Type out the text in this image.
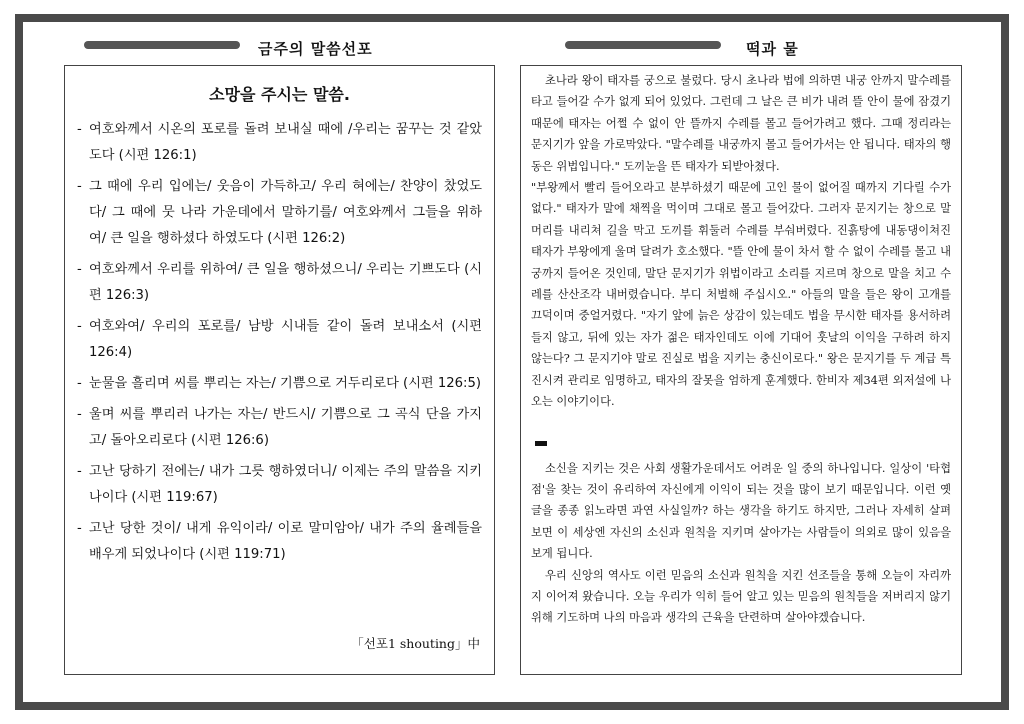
금주의 말씀선포	떡과 물
소망을 주시는 말씀.
- 여호와께서 시온의 포로를 돌려 보내실 때에 /우리는 꿈꾸는 것 같았도다 (시편 126:1)
- 그 때에 우리 입에는/ 웃음이 가득하고/ 우리 혀에는/ 찬양이 찼었도다/ 그 때에 뭇 나라 가운데에서 말하기를/ 여호와께서 그들을 위하여/ 큰 일을 행하셨다 하였도다 (시편 126:2)
- 여호와께서 우리를 위하여/ 큰 일을 행하셨으니/ 우리는 기쁘도다 (시편 126:3)
- 여호와여/ 우리의 포로를/ 남방 시내들 같이 돌려 보내소서 (시편 126:4)
- 눈물을 흘리며 씨를 뿌리는 자는/ 기쁨으로 거두리로다 (시편 126:5)
- 울며 씨를 뿌리러 나가는 자는/ 반드시/ 기쁨으로 그 곡식 단을 가지고/ 돌아오리로다 (시편 126:6)
- 고난 당하기 전에는/ 내가 그릇 행하였더니/ 이제는 주의 말씀을 지키나이다 (시편 119:67)
- 고난 당한 것이/ 내게 유익이라/ 이로 말미암아/ 내가 주의 율례들을 배우게 되었나이다 (시편 119:71)
「선포1 shouting」中

초나라 왕이 태자를 궁으로 불렀다. 당시 초나라 법에 의하면 내궁 안까지 말수레를 타고 들어갈 수가 없게 되어 있었다. 그런데 그 날은 큰 비가 내려 뜰 안이 물에 잠겼기 때문에 태자는 어쩔 수 없이 안 뜰까지 수레를 몰고 들어가려고 했다. 그때 정리라는 문지기가 앞을 가로막았다. "말수레를 내궁까지 몰고 들어가서는 안 됩니다. 태자의 행동은 위법입니다." 도끼눈을 뜬 태자가 되받아쳤다.

"부왕께서 빨리 들어오라고 분부하셨기 때문에 고인 물이 없어질 때까지 기다릴 수가 없다." 태자가 말에 채찍을 먹이며 그대로 몰고 들어갔다. 그러자 문지기는 창으로 말 머리를 내리쳐 길을 막고 도끼를 휘둘러 수레를 부숴버렸다. 진흙탕에 내동댕이쳐진 태자가 부왕에게 울며 달려가 호소했다. "뜰 안에 물이 차서 할 수 없이 수레를 몰고 내궁까지 들어온 것인데, 말단 문지기가 위법이라고 소리를 지르며 창으로 말을 치고 수레를 산산조각 내버렸습니다. 부디 처벌해 주십시오." 아들의 말을 들은 왕이 고개를 끄덕이며 중얼거렸다. "자기 앞에 늙은 상감이 있는데도 법을 무시한 태자를 용서하려 들지 않고, 뒤에 있는 자가 젊은 태자인데도 이에 기대어 훗날의 이익을 구하려 하지 않는다? 그 문지기야 말로 진실로 법을 지키는 충신이로다." 왕은 문지기를 두 계급 특진시켜 관리로 임명하고, 태자의 잘못을 엄하게 훈계했다. 한비자 제34편 외저설에 나오는 이야기이다.

소신을 지키는 것은 사회 생활가운데서도 어려운 일 중의 하나입니다. 일상이 '타협점'을 찾는 것이 유리하여 자신에게 이익이 되는 것을 많이 보기 때문입니다. 이런 옛 글을 종종 읽노라면 과연 사실일까? 하는 생각을 하기도 하지만, 그러나 자세히 살펴보면 이 세상엔 자신의 소신과 원칙을 지키며 살아가는 사람들이 의외로 많이 있음을 보게 됩니다.

우리 신앙의 역사도 이런 믿음의 소신과 원칙을 지킨 선조들을 통해 오늘이 자리까지 이어져 왔습니다. 오늘 우리가 익히 들어 알고 있는 믿음의 원칙들을 저버리지 않기 위해 기도하며 나의 마음과 생각의 근육을 단련하며 살아야겠습니다.
